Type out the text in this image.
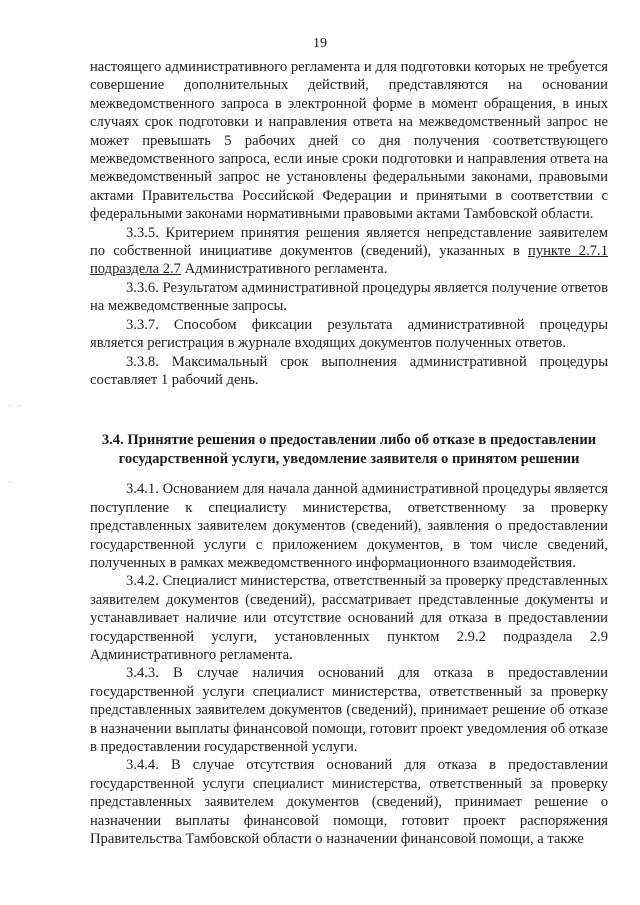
19
· ·
·

настоящего административного регламента и для подготовки которых не требуется совершение дополнительных действий, представляются на основании межведомственного запроса в электронной форме в момент обращения, в иных случаях срок подготовки и направления ответа на межведомственный запрос не может превышать 5 рабочих дней со дня получения соответствующего межведомственного запроса, если иные сроки подготовки и направления ответа на межведомственный запрос не установлены федеральными законами, правовыми актами Правительства Российской Федерации и принятыми в соответствии с федеральными законами нормативными правовыми актами Тамбовской области.

3.3.5. Критерием принятия решения является непредставление заявителем по собственной инициативе документов (сведений), указанных в пункте 2.7.1 подраздела 2.7 Административного регламента.

3.3.6. Результатом административной процедуры является получение ответов на межведомственные запросы.

3.3.7. Способом фиксации результата административной процедуры является регистрация в журнале входящих документов полученных ответов.

3.3.8. Максимальный срок выполнения административной процедуры составляет 1 рабочий день.

3.4. Принятие решения о предоставлении либо об отказе в предоставлении государственной услуги, уведомление заявителя о принятом решении

3.4.1. Основанием для начала данной административной процедуры является поступление к специалисту министерства, ответственному за проверку представленных заявителем документов (сведений), заявления о предоставлении государственной услуги с приложением документов, в том числе сведений, полученных в рамках межведомственного информационного взаимодействия.

3.4.2. Специалист министерства, ответственный за проверку представленных заявителем документов (сведений), рассматривает представленные документы и устанавливает наличие или отсутствие оснований для отказа в предоставлении государственной услуги, установленных пунктом 2.9.2 подраздела 2.9 Административного регламента.

3.4.3. В случае наличия оснований для отказа в предоставлении государственной услуги специалист министерства, ответственный за проверку представленных заявителем документов (сведений), принимает решение об отказе в назначении выплаты финансовой помощи, готовит проект уведомления об отказе в предоставлении государственной услуги.

3.4.4. В случае отсутствия оснований для отказа в предоставлении государственной услуги специалист министерства, ответственный за проверку представленных заявителем документов (сведений), принимает решение о назначении выплаты финансовой помощи, готовит проект распоряжения Правительства Тамбовской области о назначении финансовой помощи, а также
